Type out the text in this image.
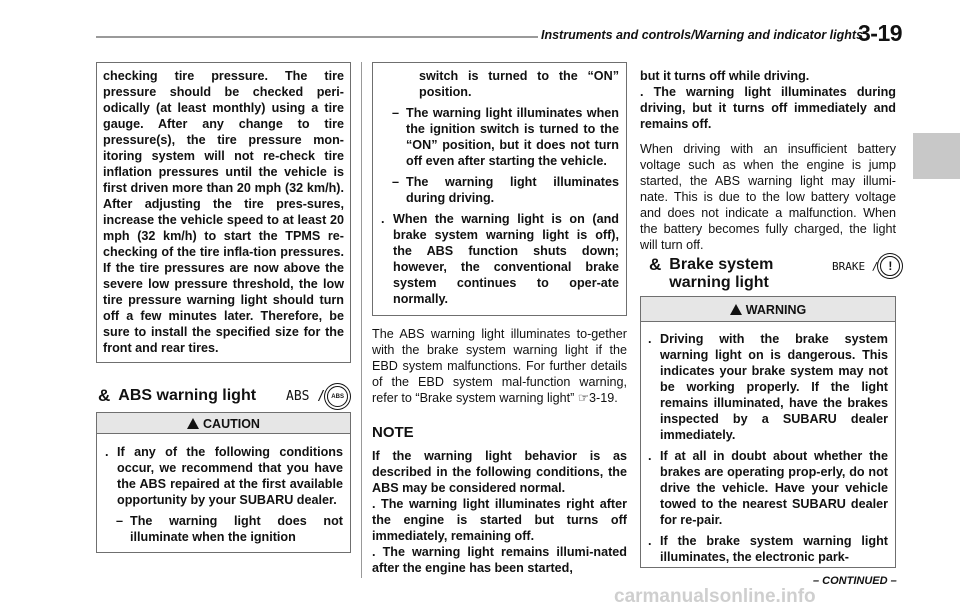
Instruments and controls/Warning and indicator lights
3-19
checking tire pressure. The tire pressure should be checked peri-odically (at least monthly) using a tire gauge. After any change to tire pressure(s), the tire pressure mon-itoring system will not re-check tire inflation pressures until the vehicle is first driven more than 20 mph (32 km/h). After adjusting the tire pres-sures, increase the vehicle speed to at least 20 mph (32 km/h) to start the TPMS re-checking of the tire infla-tion pressures. If the tire pressures are now above the severe low pressure threshold, the low tire pressure warning light should turn off a few minutes later. Therefore, be sure to install the specified size for the front and rear tires.
& ABS warning light ABS /	ABS
CAUTION
. If any of the following conditions occur, we recommend that you have the ABS repaired at the first available opportunity by your SUBARU dealer.
– The warning light does not illuminate when the ignition
switch is turned to the “ON” position.
– The warning light illuminates when the ignition switch is turned to the “ON” position, but it does not turn off even after starting the vehicle.
– The warning light illuminates during driving.
. When the warning light is on (and brake system warning light is off), the ABS function shuts down; however, the conventional brake system continues to oper-ate normally.
The ABS warning light illuminates to-gether with the brake system warning light if the EBD system malfunctions. For further details of the EBD system mal-function warning, refer to “Brake system warning light” ☞3-19.
NOTE
If the warning light behavior is as described in the following conditions, the ABS may be considered normal.
. The warning light illuminates right after the engine is started but turns off immediately, remaining off.
. The warning light remains illumi-nated after the engine has been started,
but it turns off while driving.
. The warning light illuminates during driving, but it turns off immediately and remains off.
When driving with an insufficient battery voltage such as when the engine is jump started, the ABS warning light may illumi-nate. This is due to the low battery voltage and does not indicate a malfunction. When the battery becomes fully charged, the light will turn off.
& Brake system
warning light
BRAKE / !
WARNING
. Driving with the brake system warning light on is dangerous. This indicates your brake system may not be working properly. If the light remains illuminated, have the brakes inspected by a SUBARU dealer immediately.
. If at all in doubt about whether the brakes are operating prop-erly, do not drive the vehicle. Have your vehicle towed to the nearest SUBARU dealer for re-pair.
. If the brake system warning light illuminates, the electronic park-
– CONTINUED –
carmanualsonline.info
